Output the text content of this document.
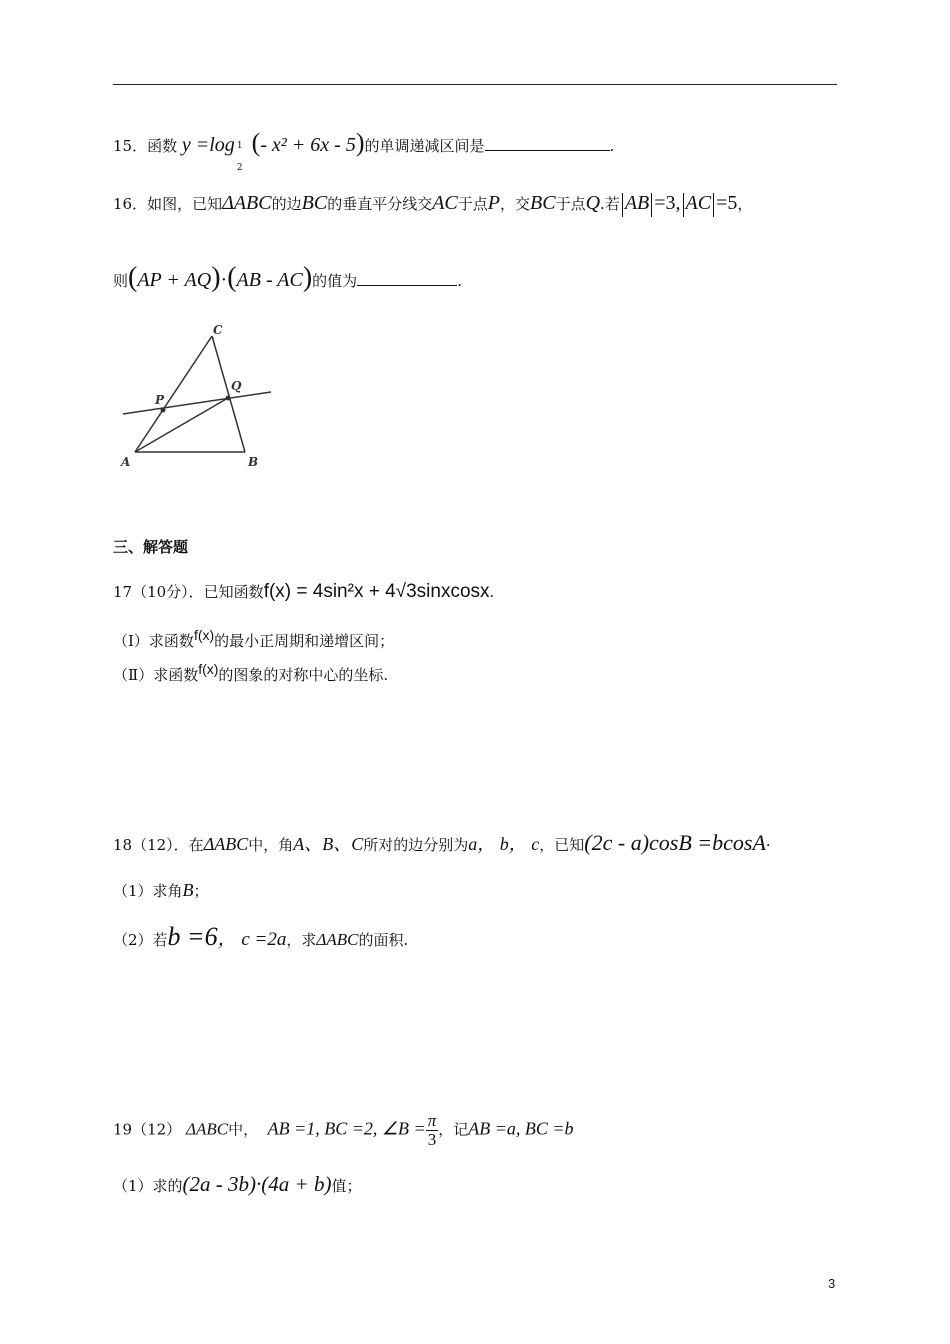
15．函数 y =log 1
2
(- x² + 6x - 5)的单调递减区间是	.
16．如图，已知ΔABC的边BC的垂直平分线交AC于点P，交BC于点Q.若 AB =3, AC =5，
则(AP + AQ)·(AB - AC)的值为	.
C
P
Q
A	B
三、解答题
17（10分）．已知函数f(x) = 4sin²x + 4√3sinxcosx.
（Ⅰ）求函数f(x)的最小正周期和递增区间；
（Ⅱ）求函数f(x)的图象的对称中心的坐标.
18（12）．在ΔABC中，角A、B、C所对的边分别为a， b， c，已知(2c - a)cosB =bcosA·
（1）求角B；
（2）若b =6， c =2a，求ΔABC的面积.
19（12） ΔABC中， AB =1, BC =2, ∠B = $\frac{\pi}{3}$ ，记AB =a, BC =b
（1）求的(2a - 3b)·(4a + b)值；
3
